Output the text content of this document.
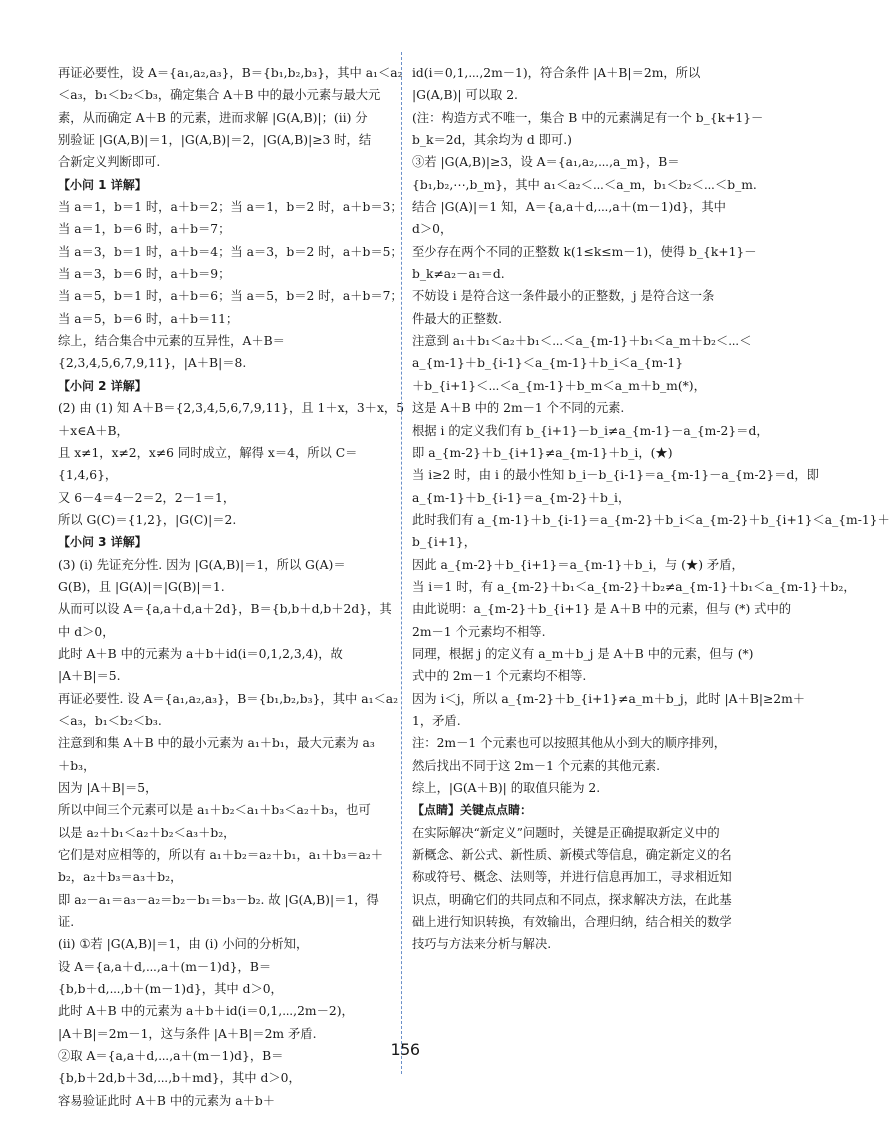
再证必要性，设 A＝{a₁,a₂,a₃}，B＝{b₁,b₂,b₃}，其中 a₁＜a₂
＜a₃，b₁＜b₂＜b₃，确定集合 A＋B 中的最小元素与最大元
素，从而确定 A＋B 的元素，进而求解 |G(A,B)|；(ⅱ) 分
别验证 |G(A,B)|＝1，|G(A,B)|＝2，|G(A,B)|≥3 时，结
合新定义判断即可.
【小问 1 详解】
当 a＝1，b＝1 时，a＋b＝2；当 a＝1，b＝2 时，a＋b＝3；
当 a＝1，b＝6 时，a＋b＝7；
当 a＝3，b＝1 时，a＋b＝4；当 a＝3，b＝2 时，a＋b＝5；
当 a＝3，b＝6 时，a＋b＝9；
当 a＝5，b＝1 时，a＋b＝6；当 a＝5，b＝2 时，a＋b＝7；
当 a＝5，b＝6 时，a＋b＝11；
综上，结合集合中元素的互异性，A＋B＝
{2,3,4,5,6,7,9,11}，|A＋B|＝8.
【小问 2 详解】
(2) 由 (1) 知 A＋B＝{2,3,4,5,6,7,9,11}，且 1＋x，3＋x，5
＋x∈A＋B，
且 x≠1，x≠2，x≠6 同时成立，解得 x＝4，所以 C＝
{1,4,6}，
又 6－4＝4－2＝2，2－1＝1，
所以 G(C)＝{1,2}，|G(C)|＝2.
【小问 3 详解】
(3) (ⅰ) 先证充分性. 因为 |G(A,B)|＝1，所以 G(A)＝
G(B)，且 |G(A)|＝|G(B)|＝1.
从而可以设 A＝{a,a＋d,a＋2d}，B＝{b,b＋d,b＋2d}，其
中 d＞0，
此时 A＋B 中的元素为 a＋b＋id(i＝0,1,2,3,4)，故
|A＋B|＝5.
再证必要性. 设 A＝{a₁,a₂,a₃}，B＝{b₁,b₂,b₃}，其中 a₁＜a₂
＜a₃，b₁＜b₂＜b₃.
注意到和集 A＋B 中的最小元素为 a₁＋b₁，最大元素为 a₃
＋b₃，
因为 |A＋B|＝5，
所以中间三个元素可以是 a₁＋b₂＜a₁＋b₃＜a₂＋b₃，也可
以是 a₂＋b₁＜a₂＋b₂＜a₃＋b₂，
它们是对应相等的，所以有 a₁＋b₂＝a₂＋b₁，a₁＋b₃＝a₂＋
b₂，a₂＋b₃＝a₃＋b₂，
即 a₂－a₁＝a₃－a₂＝b₂－b₁＝b₃－b₂. 故 |G(A,B)|＝1，得
证.
(ⅱ) ①若 |G(A,B)|＝1，由 (ⅰ) 小问的分析知，
设 A＝{a,a＋d,⋯,a＋(m－1)d}，B＝
{b,b＋d,⋯,b＋(m－1)d}，其中 d＞0，
此时 A＋B 中的元素为 a＋b＋id(i＝0,1,⋯,2m－2)，
|A＋B|＝2m－1，这与条件 |A＋B|＝2m 矛盾.
②取 A＝{a,a＋d,⋯,a＋(m－1)d}，B＝
{b,b＋2d,b＋3d,⋯,b＋md}，其中 d＞0，
容易验证此时 A＋B 中的元素为 a＋b＋
id(i＝0,1,⋯,2m－1)，符合条件 |A＋B|＝2m，所以
|G(A,B)| 可以取 2.
(注：构造方式不唯一，集合 B 中的元素满足有一个 b_{k+1}－
b_k＝2d，其余均为 d 即可.)
③若 |G(A,B)|≥3，设 A＝{a₁,a₂,⋯,a_m}，B＝
{b₁,b₂,⋯,b_m}，其中 a₁＜a₂＜⋯＜a_m，b₁＜b₂＜⋯＜b_m.
结合 |G(A)|＝1 知，A＝{a,a＋d,⋯,a＋(m－1)d}，其中
d＞0，
至少存在两个不同的正整数 k(1≤k≤m－1)，使得 b_{k+1}－
b_k≠a₂－a₁＝d.
不妨设 i 是符合这一条件最小的正整数，j 是符合这一条
件最大的正整数.
注意到 a₁＋b₁＜a₂＋b₁＜⋯＜a_{m-1}＋b₁＜a_m＋b₂＜⋯＜
a_{m-1}＋b_{i-1}＜a_{m-1}＋b_i＜a_{m-1}
＋b_{i+1}＜⋯＜a_{m-1}＋b_m＜a_m＋b_m(*)，
这是 A＋B 中的 2m－1 个不同的元素.
根据 i 的定义我们有 b_{i+1}－b_i≠a_{m-1}－a_{m-2}＝d，
即 a_{m-2}＋b_{i+1}≠a_{m-1}＋b_i，(★)
当 i≥2 时，由 i 的最小性知 b_i－b_{i-1}＝a_{m-1}－a_{m-2}＝d，即
a_{m-1}＋b_{i-1}＝a_{m-2}＋b_i，
此时我们有 a_{m-1}＋b_{i-1}＝a_{m-2}＋b_i＜a_{m-2}＋b_{i+1}＜a_{m-1}＋
b_{i+1}，
因此 a_{m-2}＋b_{i+1}＝a_{m-1}＋b_i，与 (★) 矛盾，
当 i＝1 时，有 a_{m-2}＋b₁＜a_{m-2}＋b₂≠a_{m-1}＋b₁＜a_{m-1}＋b₂，
由此说明：a_{m-2}＋b_{i+1} 是 A＋B 中的元素，但与 (*) 式中的
2m－1 个元素均不相等.
同理，根据 j 的定义有 a_m＋b_j 是 A＋B 中的元素，但与 (*)
式中的 2m－1 个元素均不相等.
因为 i＜j，所以 a_{m-2}＋b_{i+1}≠a_m＋b_j，此时 |A＋B|≥2m＋
1，矛盾.
注：2m－1 个元素也可以按照其他从小到大的顺序排列，
然后找出不同于这 2m－1 个元素的其他元素.
综上，|G(A＋B)| 的取值只能为 2.
【点睛】关键点点睛：
在实际解决“新定义”问题时，关键是正确提取新定义中的
新概念、新公式、新性质、新模式等信息，确定新定义的名
称或符号、概念、法则等，并进行信息再加工，寻求相近知
识点，明确它们的共同点和不同点，探求解决方法，在此基
础上进行知识转换，有效输出，合理归纳，结合相关的数学
技巧与方法来分析与解决.
156
